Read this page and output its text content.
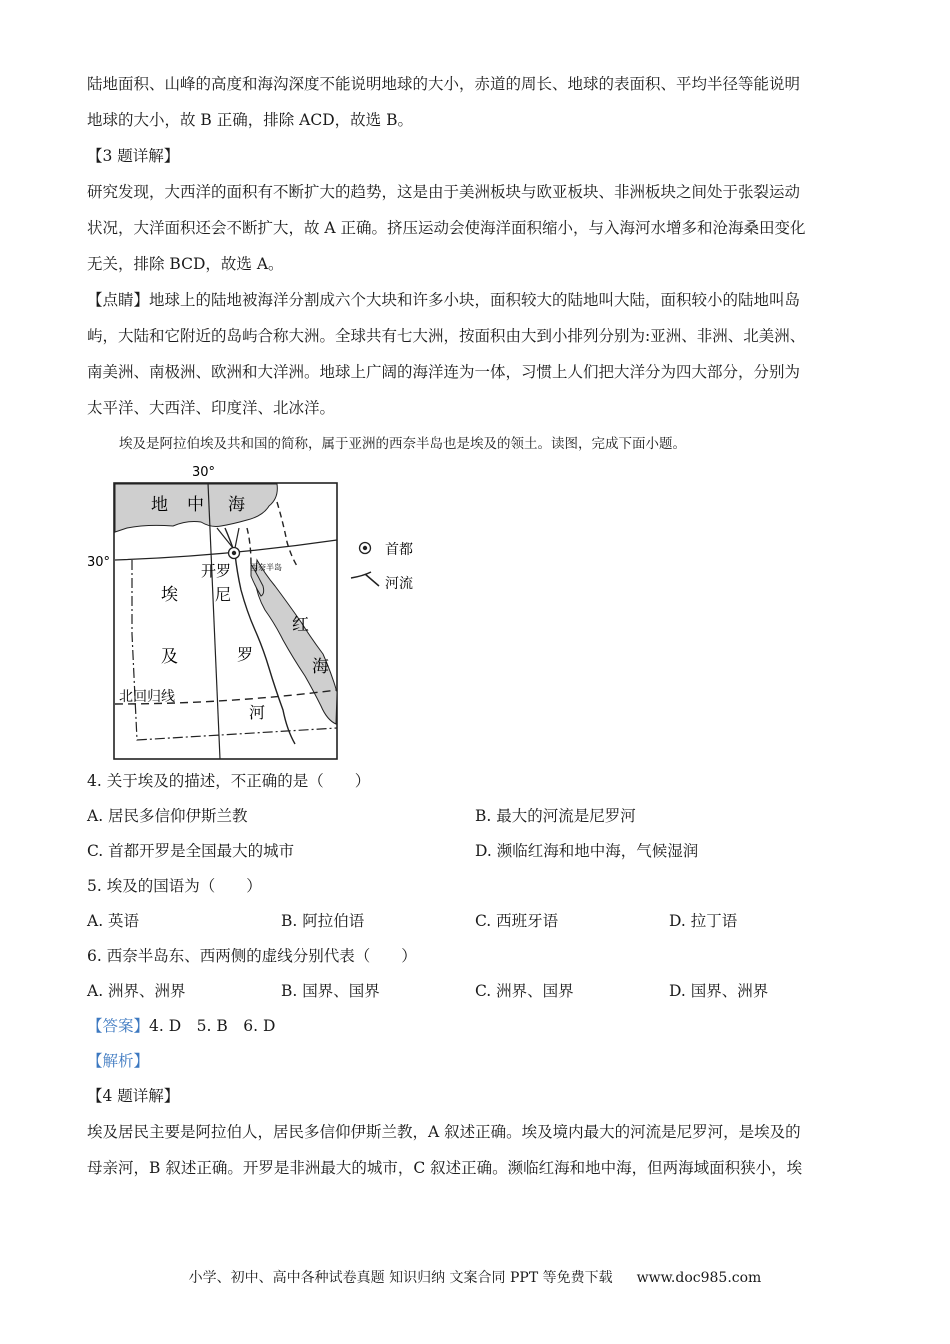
陆地面积、山峰的高度和海沟深度不能说明地球的大小，赤道的周长、地球的表面积、平均半径等能说明

地球的大小，故 B 正确，排除 ACD，故选 B。

【3 题详解】

研究发现，大西洋的面积有不断扩大的趋势，这是由于美洲板块与欧亚板块、非洲板块之间处于张裂运动

状况，大洋面积还会不断扩大，故 A 正确。挤压运动会使海洋面积缩小，与入海河水增多和沧海桑田变化

无关，排除 BCD，故选 A。

【点睛】地球上的陆地被海洋分割成六个大块和许多小块，面积较大的陆地叫大陆，面积较小的陆地叫岛

屿，大陆和它附近的岛屿合称大洲。全球共有七大洲，按面积由大到小排列分别为:亚洲、非洲、北美洲、

南美洲、南极洲、欧洲和大洋洲。地球上广阔的海洋连为一体，习惯上人们把大洋分为四大部分，分别为

太平洋、大西洋、印度洋、北冰洋。

埃及是阿拉伯埃及共和国的简称，属于亚洲的西奈半岛也是埃及的领土。读图，完成下面小题。

30°
30°
地 中 海
开罗 西奈半岛
埃
及
尼
罗
河
红
海
北回归线
首都
河流

4. 关于埃及的描述，不正确的是（　　）

A. 居民多信仰伊斯兰教	B. 最大的河流是尼罗河
C. 首都开罗是全国最大的城市	D. 濒临红海和地中海，气候湿润

5. 埃及的国语为（　　）

A. 英语	B. 阿拉伯语	C. 西班牙语	D. 拉丁语

6. 西奈半岛东、西两侧的虚线分别代表（　　）

A. 洲界、洲界	B. 国界、国界	C. 洲界、国界	D. 国界、洲界

【答案】4. D　5. B　6. D

【解析】

【4 题详解】

埃及居民主要是阿拉伯人，居民多信仰伊斯兰教，A 叙述正确。埃及境内最大的河流是尼罗河，是埃及的

母亲河，B 叙述正确。开罗是非洲最大的城市，C 叙述正确。濒临红海和地中海，但两海域面积狭小，埃

小学、初中、高中各种试卷真题 知识归纳 文案合同 PPT 等免费下载 www.doc985.com
